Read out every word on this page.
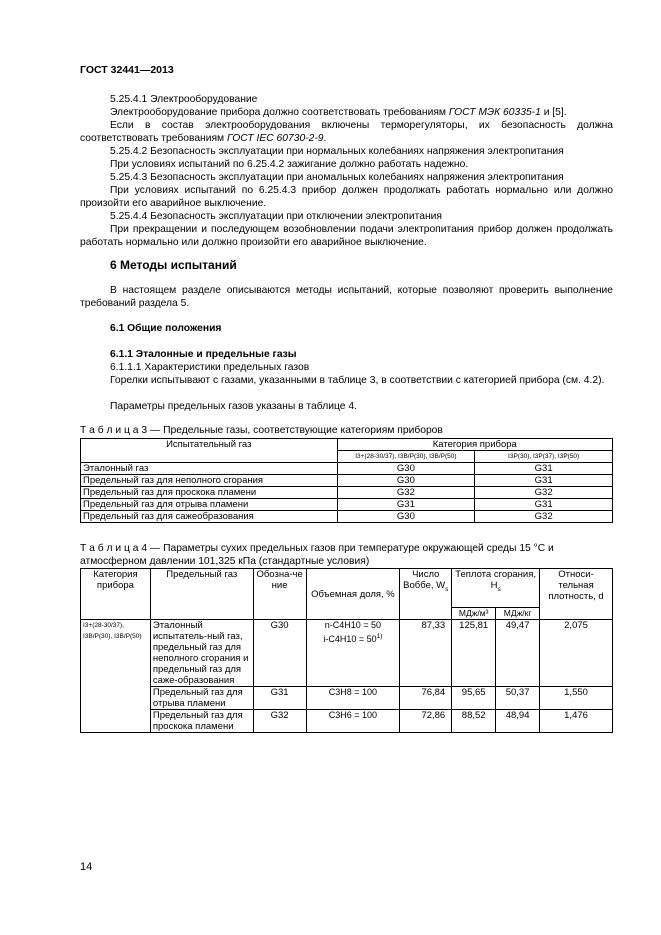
ГОСТ 32441—2013
5.25.4.1 Электрооборудование
Электрооборудование прибора должно соответствовать требованиям ГОСТ МЭК 60335-1 и [5].
Если в состав электрооборудования включены терморегуляторы, их безопасность должна соответствовать требованиям ГОСТ IEC 60730-2-9.
5.25.4.2 Безопасность эксплуатации при нормальных колебаниях напряжения электропитания
При условиях испытаний по 6.25.4.2 зажигание должно работать надежно.
5.25.4.3 Безопасность эксплуатации при аномальных колебаниях напряжения электропитания
При условиях испытаний по 6.25.4.3 прибор должен продолжать работать нормально или должно произойти его аварийное выключение.
5.25.4.4 Безопасность эксплуатации при отключении электропитания
При прекращении и последующем возобновлении подачи электропитания прибор должен продолжать работать нормально или должно произойти его аварийное выключение.
6 Методы испытаний
В настоящем разделе описываются методы испытаний, которые позволяют проверить выполнение требований раздела 5.
6.1 Общие положения
6.1.1 Эталонные и предельные газы
6.1.1.1 Характеристики предельных газов
Горелки испытывают с газами, указанными в таблице 3, в соответствии с категорией прибора (см. 4.2).
Параметры предельных газов указаны в таблице 4.
Т а б л и ц а 3 — Предельные газы, соответствующие категориям приборов
Испытательный газ	Категория прибора	
	I3+(28-30/37), I3B/P(30), I3B/P(50)	I3P(30), I3P(37), I3P(50)
Эталонный газ	G30	G31
Предельный газ для неполного сгорания	G30	G31
Предельный газ для проскока пламени	G32	G32
Предельный газ для отрыва пламени	G31	G31
Предельный газ для сажеобразования	G30	G32
Т а б л и ц а 4 — Параметры сухих предельных газов при температуре окружающей среды 15 °С и атмосферном давлении 101,325 кПа (стандартные условия)
Категория прибора	Предельный газ	Обозна-че ние	Объемная доля, %	Число Воббе, $W_s$	Теплота сгорания, $H_s$		Относи-тельная плотность, d
					МДж/м³	МДж/кг	
I3+(28-30/37), I3B/P(30), I3B/P(50)	Эталонный испытатель-ный газ, предельный газ для неполного сгорания и предельный газ для саже-образования	G30	n-C4H10 = 50
$i-C4H10 = 50^{1)}$	87,33	125,81	49,47	2,075
	Предельный газ для отрыва пламени	G31	C3H8 = 100	76,84	95,65	50,37	1,550
	Предельный газ для проскока пламени	G32	C3H6 = 100	72,86	88,52	48,94	1,476
14
